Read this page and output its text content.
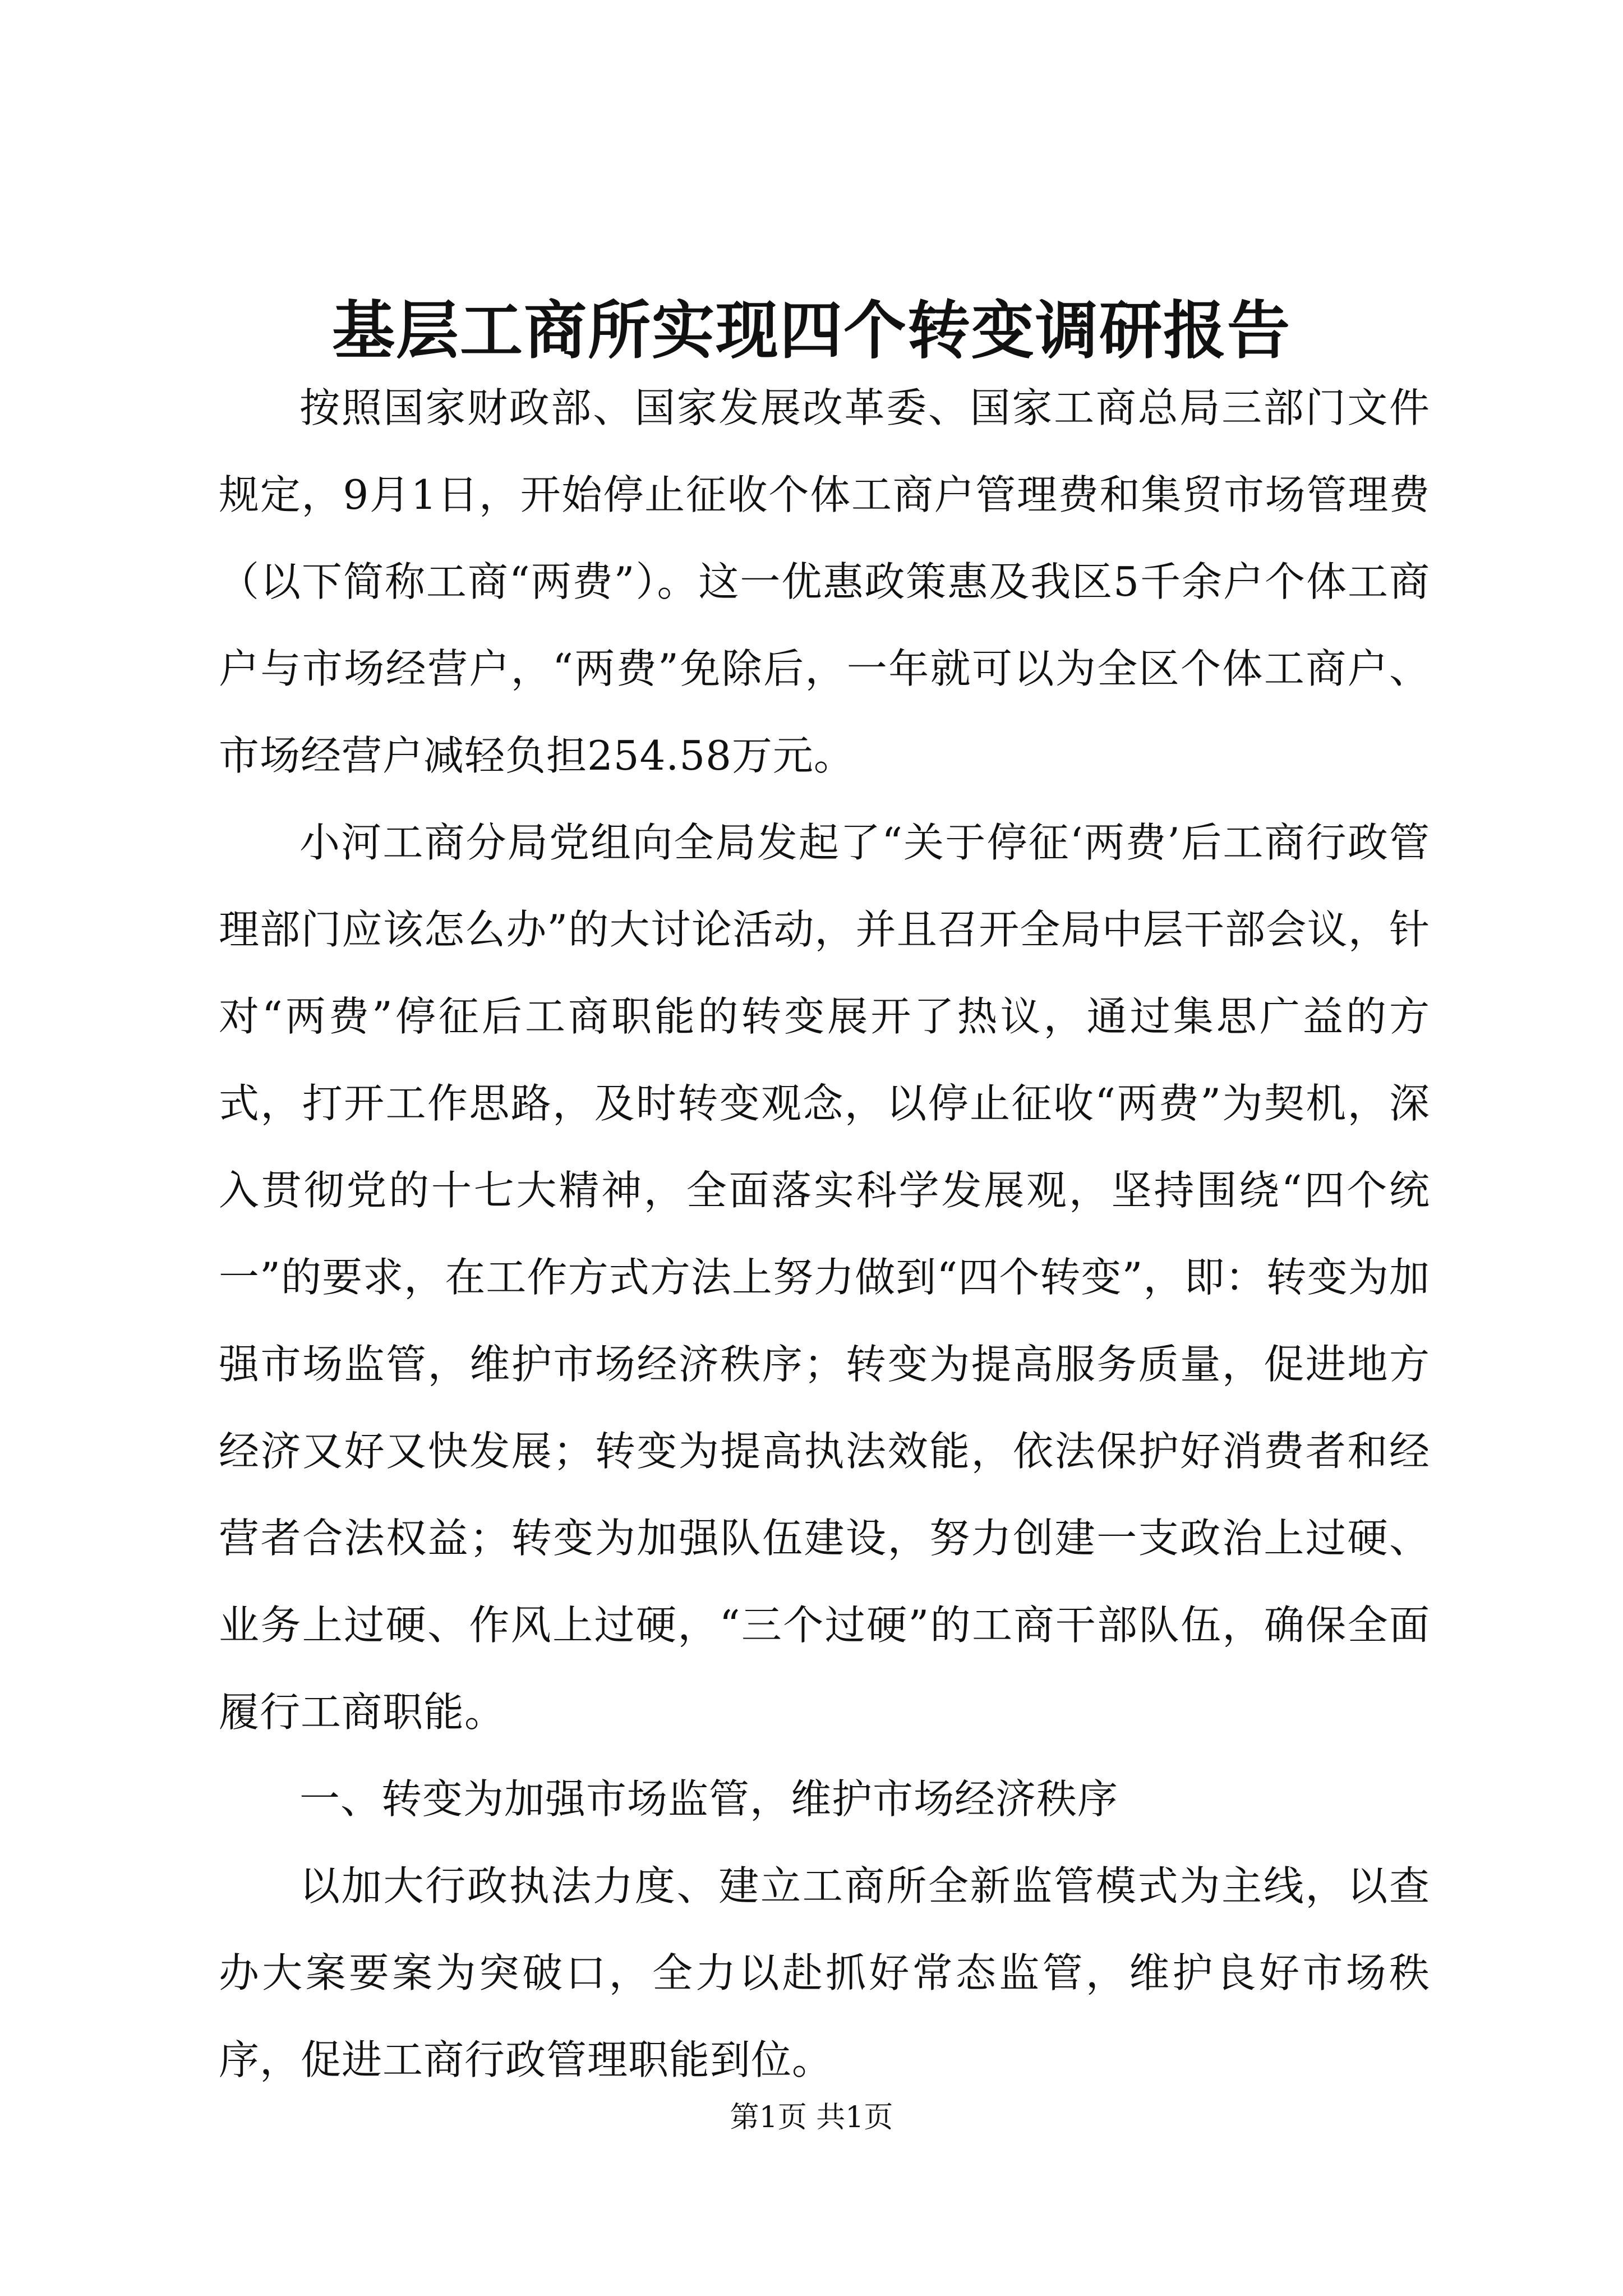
基层工商所实现四个转变调研报告

按照国家财政部、国家发展改革委、国家工商总局三部门文件规定，9月1日，开始停止征收个体工商户管理费和集贸市场管理费（以下简称工商“两费”）。这一优惠政策惠及我区5千余户个体工商户与市场经营户，“两费”免除后，一年就可以为全区个体工商户、市场经营户减轻负担254.58万元。

小河工商分局党组向全局发起了“关于停征‘两费’后工商行政管理部门应该怎么办”的大讨论活动，并且召开全局中层干部会议，针对“两费”停征后工商职能的转变展开了热议，通过集思广益的方式，打开工作思路，及时转变观念，以停止征收“两费”为契机，深入贯彻党的十七大精神，全面落实科学发展观，坚持围绕“四个统一”的要求，在工作方式方法上努力做到“四个转变”，即：转变为加强市场监管，维护市场经济秩序；转变为提高服务质量，促进地方经济又好又快发展；转变为提高执法效能，依法保护好消费者和经营者合法权益；转变为加强队伍建设，努力创建一支政治上过硬、业务上过硬、作风上过硬，“三个过硬”的工商干部队伍，确保全面履行工商职能。

一、转变为加强市场监管，维护市场经济秩序

以加大行政执法力度、建立工商所全新监管模式为主线，以查办大案要案为突破口，全力以赴抓好常态监管，维护良好市场秩序，促进工商行政管理职能到位。

第1页 共1页
